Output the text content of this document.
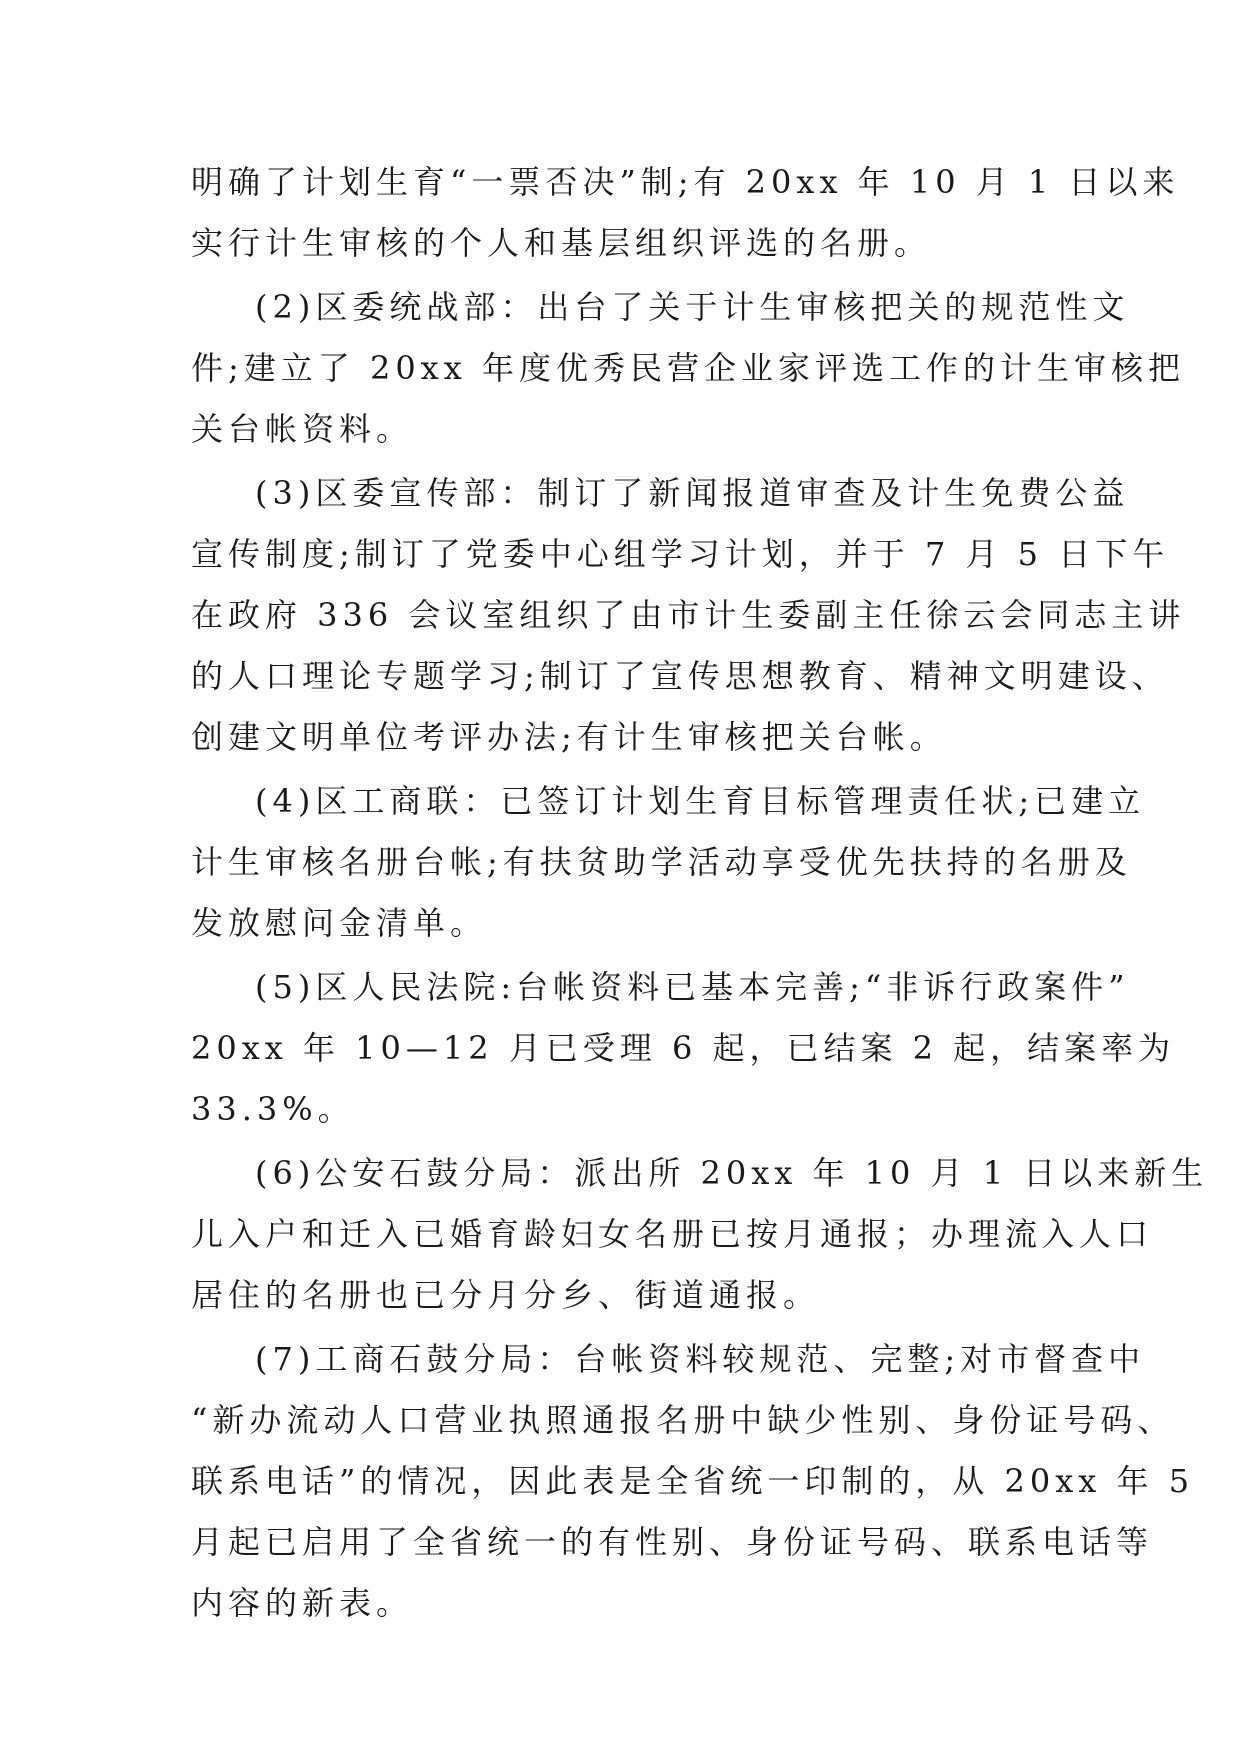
明确了计划生育“一票否决”制;有 20xx 年 10 月 1 日以来
实行计生审核的个人和基层组织评选的名册。
(2)区委统战部：出台了关于计生审核把关的规范性文
件;建立了 20xx 年度优秀民营企业家评选工作的计生审核把
关台帐资料。
(3)区委宣传部：制订了新闻报道审查及计生免费公益
宣传制度;制订了党委中心组学习计划，并于 7 月 5 日下午
在政府 336 会议室组织了由市计生委副主任徐云会同志主讲
的人口理论专题学习;制订了宣传思想教育、精神文明建设、
创建文明单位考评办法;有计生审核把关台帐。
(4)区工商联：已签订计划生育目标管理责任状;已建立
计生审核名册台帐;有扶贫助学活动享受优先扶持的名册及
发放慰问金清单。
(5)区人民法院:台帐资料已基本完善;“非诉行政案件”
20xx 年 10—12 月已受理 6 起，已结案 2 起，结案率为
33.3%。
(6)公安石鼓分局：派出所 20xx 年 10 月 1 日以来新生
儿入户和迁入已婚育龄妇女名册已按月通报；办理流入人口
居住的名册也已分月分乡、街道通报。
(7)工商石鼓分局：台帐资料较规范、完整;对市督查中
“新办流动人口营业执照通报名册中缺少性别、身份证号码、
联系电话”的情况，因此表是全省统一印制的，从 20xx 年 5
月起已启用了全省统一的有性别、身份证号码、联系电话等
内容的新表。
